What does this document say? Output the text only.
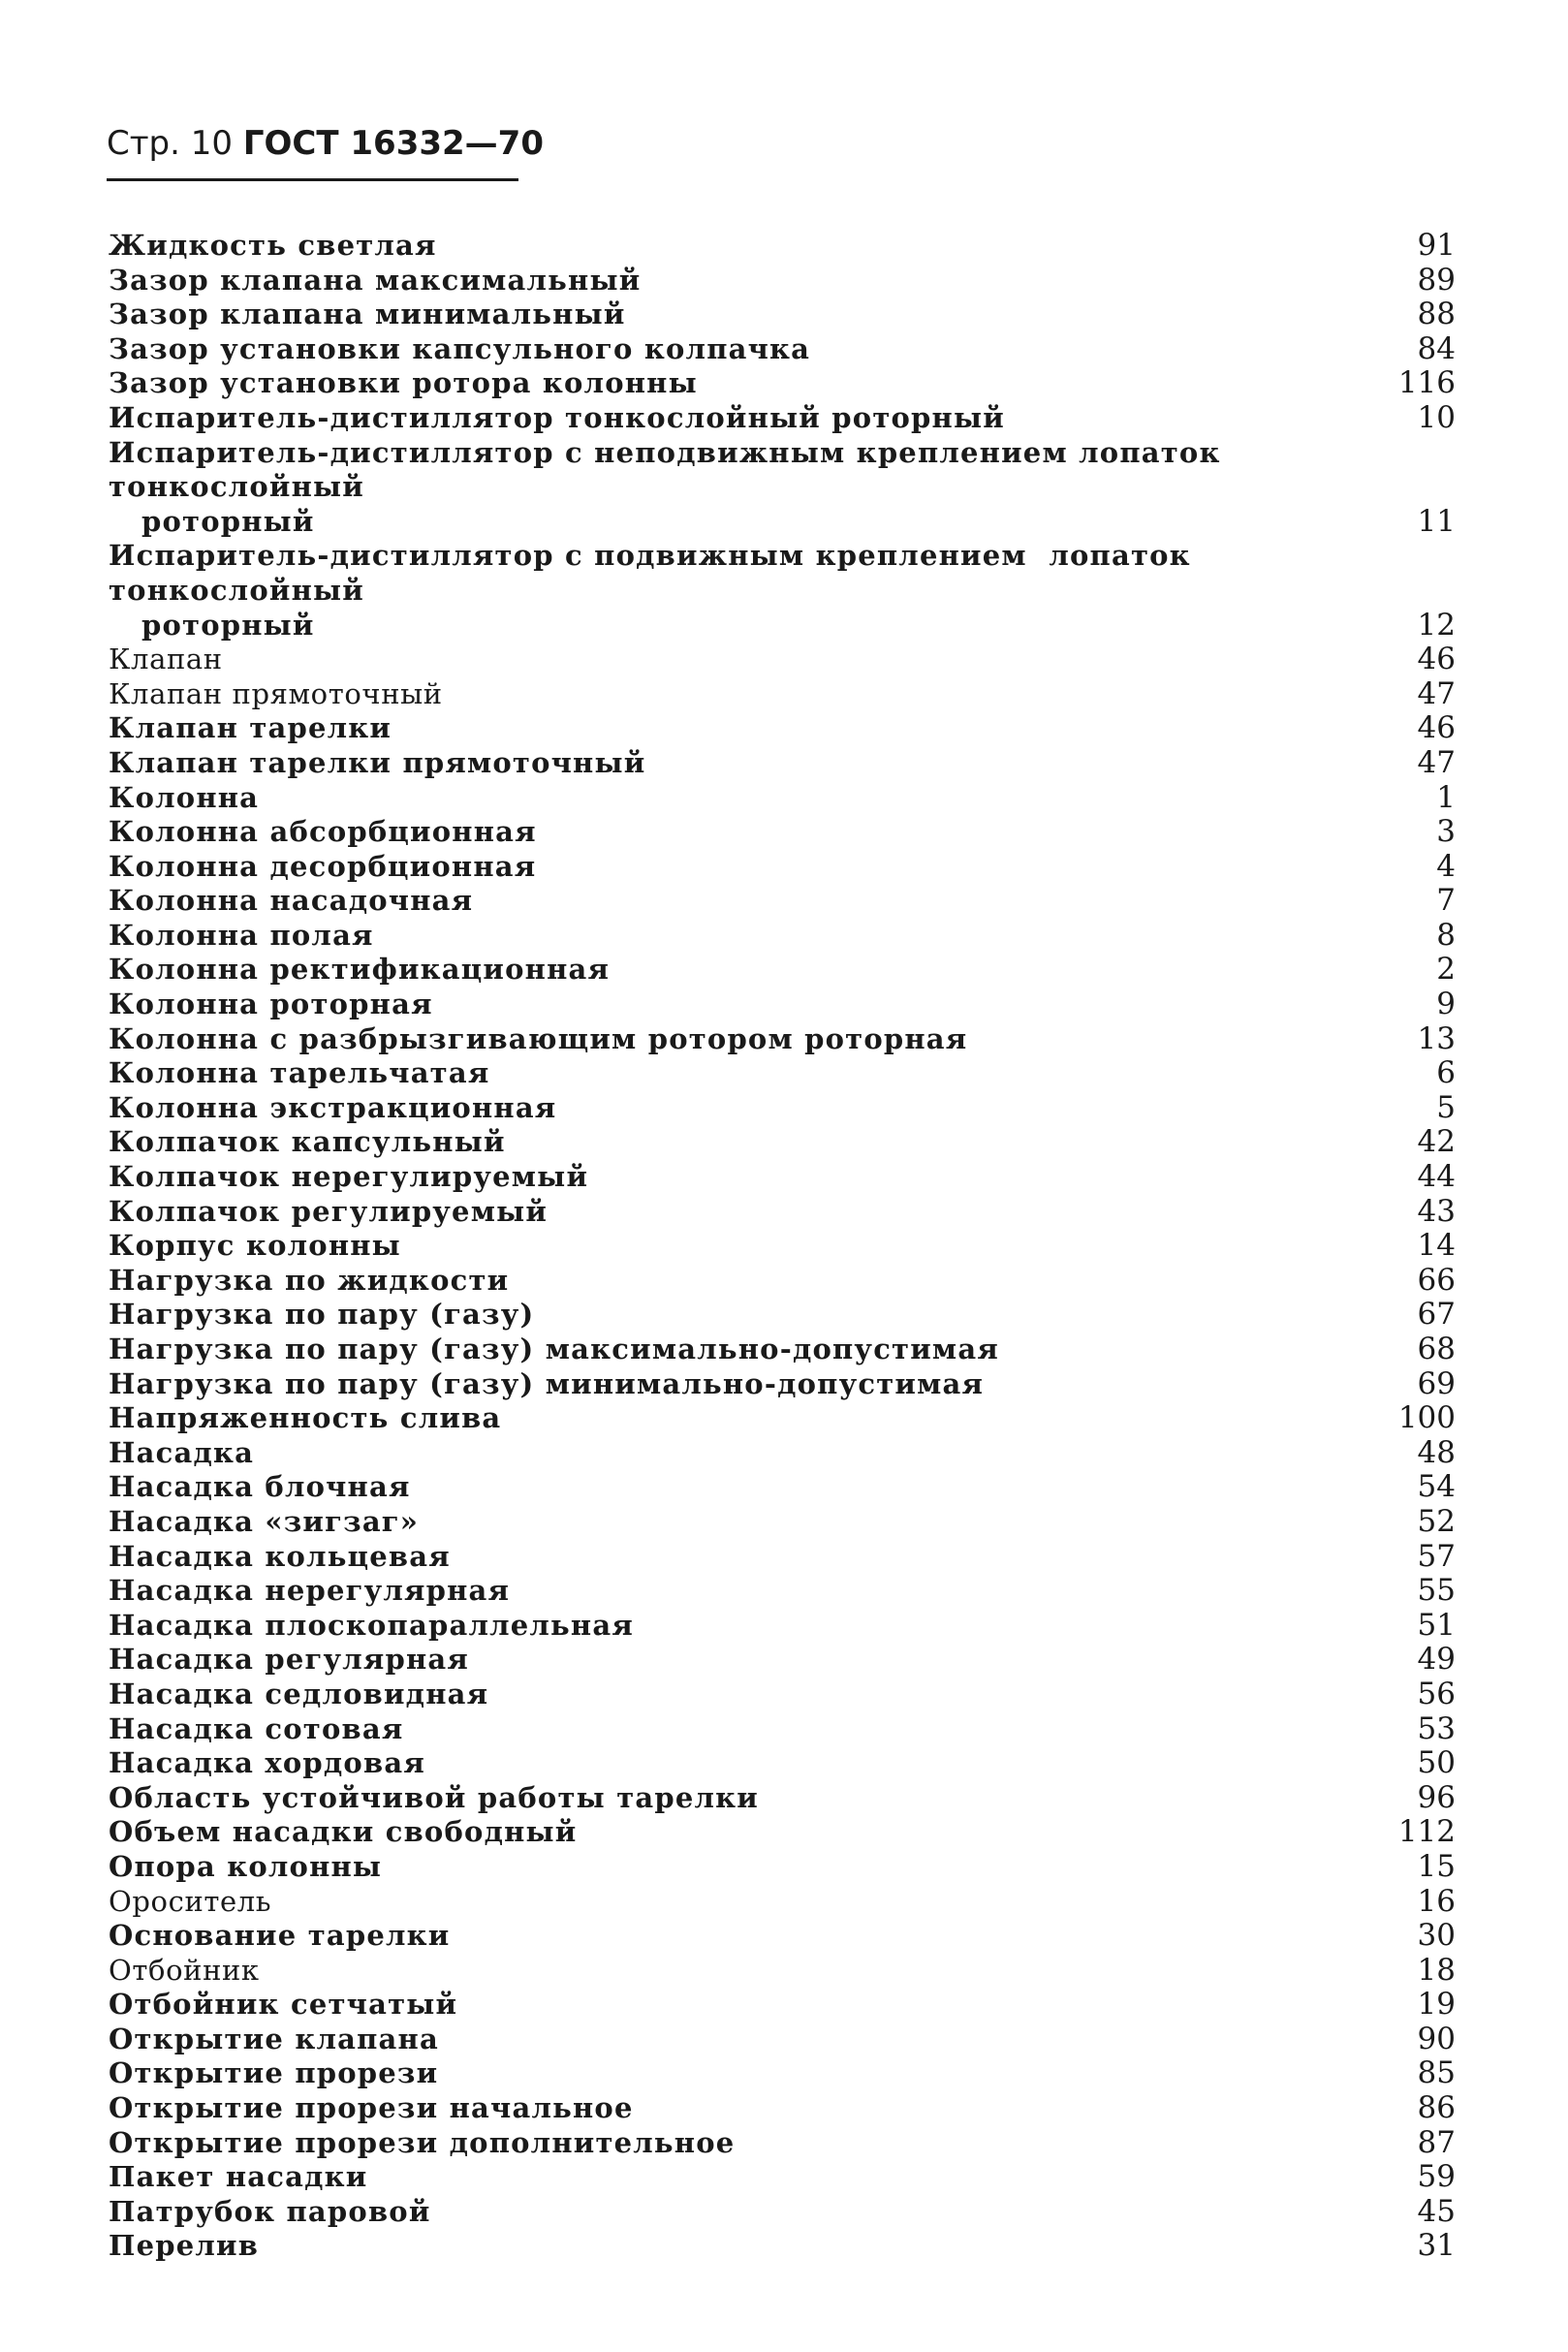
Стр. 10 ГОСТ 16332—70
Жидкость светлая	91
Зазор клапана максимальный	89
Зазор клапана минимальный	88
Зазор установки капсульного колпачка	84
Зазор установки ротора колонны	116
Испаритель-дистиллятор тонкослойный роторный	10
Испаритель-дистиллятор с неподвижным креплением лопаток тонкослойный
роторный	11
Испаритель-дистиллятор с подвижным креплением  лопаток тонкослойный
роторный	12
Клапан	46
Клапан прямоточный	47
Клапан тарелки	46
Клапан тарелки прямоточный	47
Колонна	1
Колонна абсорбционная	3
Колонна десорбционная	4
Колонна насадочная	7
Колонна полая	8
Колонна ректификационная	2
Колонна роторная	9
Колонна с разбрызгивающим ротором роторная	13
Колонна тарельчатая	6
Колонна экстракционная	5
Колпачок капсульный	42
Колпачок нерегулируемый	44
Колпачок регулируемый	43
Корпус колонны	14
Нагрузка по жидкости	66
Нагрузка по пару (газу)	67
Нагрузка по пару (газу) максимально-допустимая	68
Нагрузка по пару (газу) минимально-допустимая	69
Напряженность слива	100
Насадка	48
Насадка блочная	54
Насадка «зигзаг»	52
Насадка кольцевая	57
Насадка нерегулярная	55
Насадка плоскопараллельная	51
Насадка регулярная	49
Насадка седловидная	56
Насадка сотовая	53
Насадка хордовая	50
Область устойчивой работы тарелки	96
Объем насадки свободный	112
Опора колонны	15
Ороситель	16
Основание тарелки	30
Отбойник	18
Отбойник сетчатый	19
Открытие клапана	90
Открытие прорези	85
Открытие прорези начальное	86
Открытие прорези дополнительное	87
Пакет насадки	59
Патрубок паровой	45
Перелив	31
